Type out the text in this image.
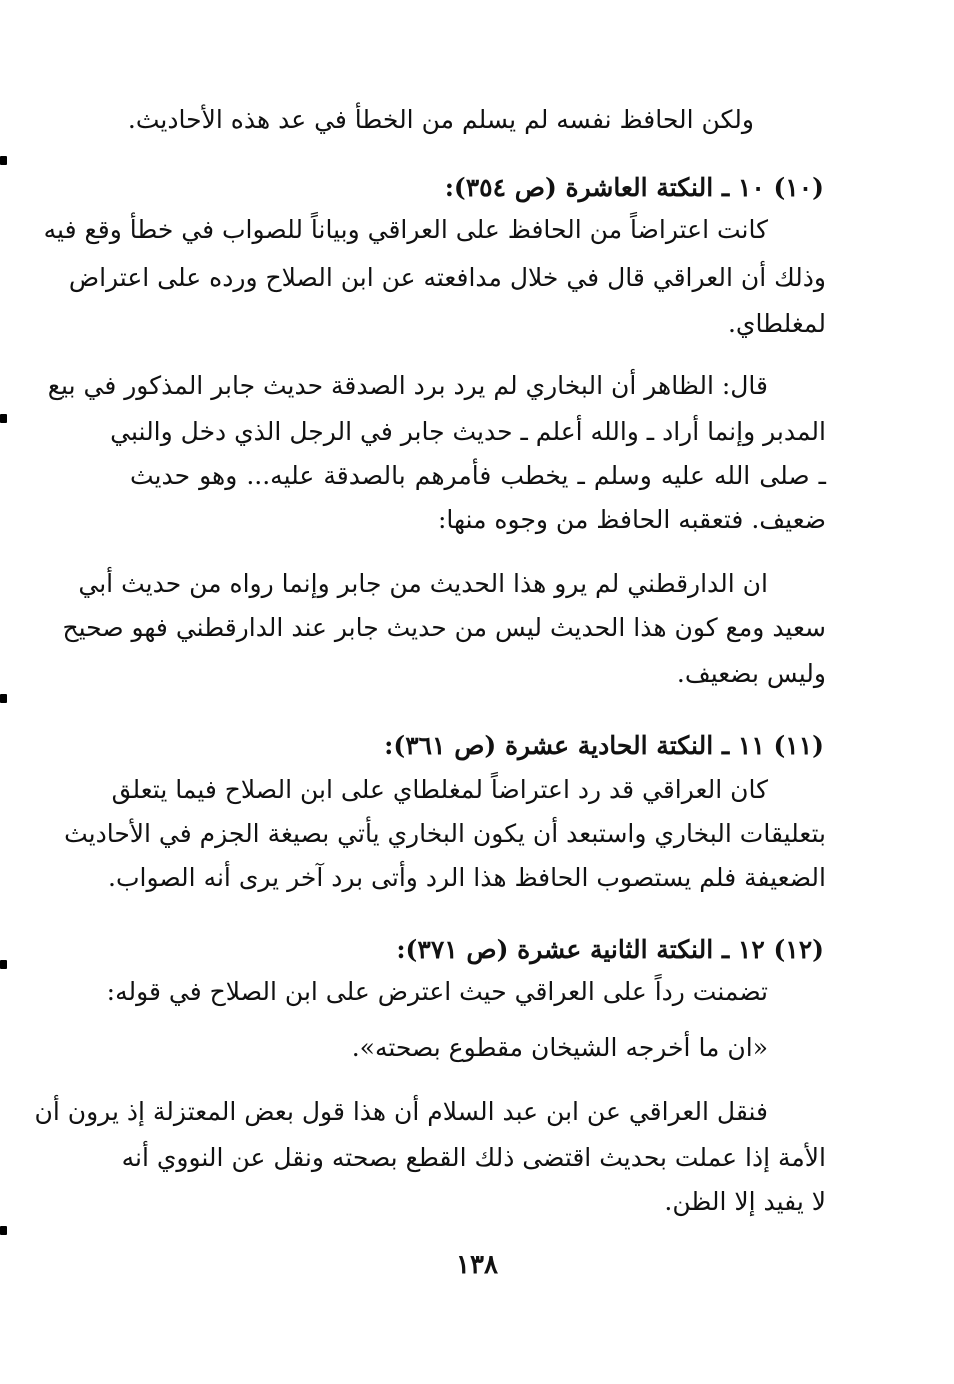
ولكن الحافظ نفسه لم يسلم من الخطأ في عد هذه الأحاديث.
(١٠) ١٠ ـ النكتة العاشرة (ص ٣٥٤):
كانت اعتراضاً من الحافظ على العراقي وبياناً للصواب في خطأ وقع فيه
وذلك أن العراقي قال في خلال مدافعته عن ابن الصلاح ورده على اعتراض
لمغلطاي.
قال: الظاهر أن البخاري لم يرد برد الصدقة حديث جابر المذكور في بيع
المدبر وإنما أراد ـ والله أعلم ـ حديث جابر في الرجل الذي دخل والنبي
ـ صلى الله عليه وسلم ـ يخطب فأمرهم بالصدقة عليه... وهو حديث
ضعيف. فتعقبه الحافظ من وجوه منها:
ان الدارقطني لم يرو هذا الحديث من جابر وإنما رواه من حديث أبي
سعيد ومع كون هذا الحديث ليس من حديث جابر عند الدارقطني فهو صحيح
وليس بضعيف.
(١١) ١١ ـ النكتة الحادية عشرة (ص ٣٦١):
كان العراقي قد رد اعتراضاً لمغلطاي على ابن الصلاح فيما يتعلق
بتعليقات البخاري واستبعد أن يكون البخاري يأتي بصيغة الجزم في الأحاديث
الضعيفة فلم يستصوب الحافظ هذا الرد وأتى برد آخر يرى أنه الصواب.
(١٢) ١٢ ـ النكتة الثانية عشرة (ص ٣٧١):
تضمنت رداً على العراقي حيث اعترض على ابن الصلاح في قوله:
«ان ما أخرجه الشيخان مقطوع بصحته».
فنقل العراقي عن ابن عبد السلام أن هذا قول بعض المعتزلة إذ يرون أن
الأمة إذا عملت بحديث اقتضى ذلك القطع بصحته ونقل عن النووي أنه
لا يفيد إلا الظن.
١٣٨
